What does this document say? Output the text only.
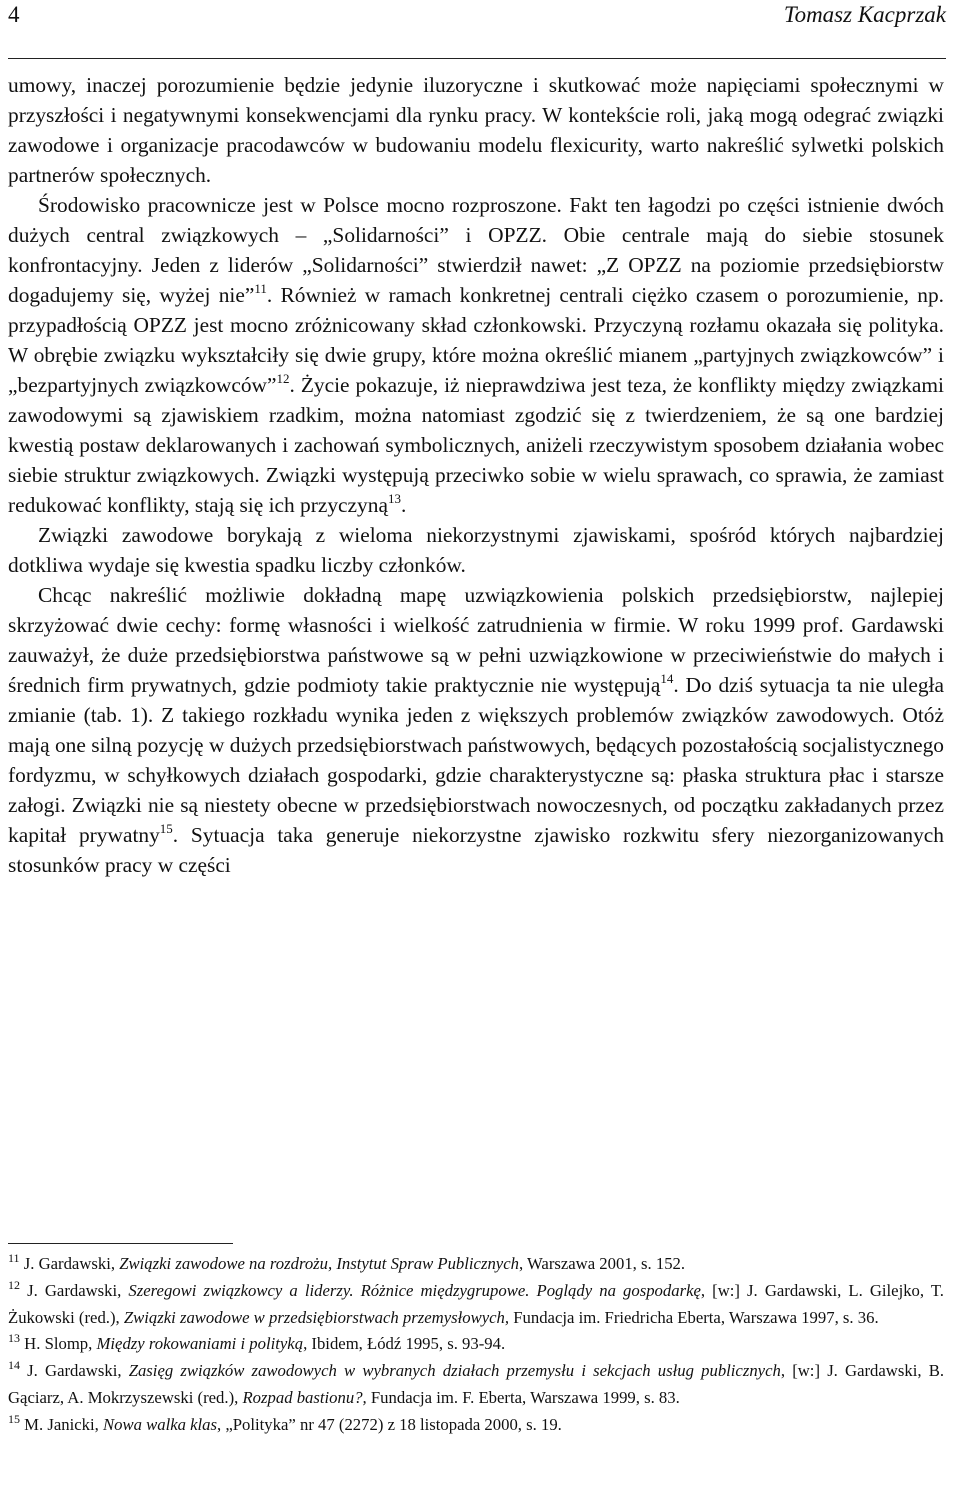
4	Tomasz Kacprzak

umowy, inaczej porozumienie będzie jedynie iluzoryczne i skutkować może napięciami społecznymi w przyszłości i negatywnymi konsekwencjami dla rynku pracy. W kontekście roli, jaką mogą odegrać związki zawodowe i organizacje pracodawców w budowaniu modelu flexicurity, warto nakreślić sylwetki polskich partnerów społecznych.

Środowisko pracownicze jest w Polsce mocno rozproszone. Fakt ten łagodzi po części istnienie dwóch dużych central związkowych – „Solidarności” i OPZZ. Obie centrale mają do siebie stosunek konfrontacyjny. Jeden z liderów „Solidarności” stwierdził nawet: „Z OPZZ na poziomie przedsiębiorstw dogadujemy się, wyżej nie”$^{11}$. Również w ramach konkretnej centrali ciężko czasem o porozumienie, np. przypadłością OPZZ jest mocno zróżnicowany skład członkowski. Przyczyną rozłamu okazała się polityka. W obrębie związku wykształciły się dwie grupy, które można określić mianem „partyjnych związkowców” i „bezpartyjnych związkowców”$^{12}$. Życie pokazuje, iż nieprawdziwa jest teza, że konflikty między związkami zawodowymi są zjawiskiem rzadkim, można natomiast zgodzić się z twierdzeniem, że są one bardziej kwestią postaw deklarowanych i zachowań symbolicznych, aniżeli rzeczywistym sposobem działania wobec siebie struktur związkowych. Związki występują przeciwko sobie w wielu sprawach, co sprawia, że zamiast redukować konflikty, stają się ich przyczyną$^{13}$.

Związki zawodowe borykają z wieloma niekorzystnymi zjawiskami, spośród których najbardziej dotkliwa wydaje się kwestia spadku liczby członków.

Chcąc nakreślić możliwie dokładną mapę uzwiązkowienia polskich przedsiębiorstw, najlepiej skrzyżować dwie cechy: formę własności i wielkość zatrudnienia w firmie. W roku 1999 prof. Gardawski zauważył, że duże przedsiębiorstwa państwowe są w pełni uzwiązkowione w przeciwieństwie do małych i średnich firm prywatnych, gdzie podmioty takie praktycznie nie występują$^{14}$. Do dziś sytuacja ta nie uległa zmianie (tab. 1). Z takiego rozkładu wynika jeden z większych problemów związków zawodowych. Otóż mają one silną pozycję w dużych przedsiębiorstwach państwowych, będących pozostałością socjalistycznego fordyzmu, w schyłkowych działach gospodarki, gdzie charakterystyczne są: płaska struktura płac i starsze załogi. Związki nie są niestety obecne w przedsiębiorstwach nowoczesnych, od początku zakładanych przez kapitał prywatny$^{15}$. Sytuacja taka generuje niekorzystne zjawisko rozkwitu sfery niezorganizowanych stosunków pracy w części

$^{11}$ J. Gardawski, Związki zawodowe na rozdrożu, Instytut Spraw Publicznych, Warszawa 2001, s. 152.

$^{12}$ J. Gardawski, Szeregowi związkowcy a liderzy. Różnice międzygrupowe. Poglądy na gospodarkę, [w:] J. Gardawski, L. Gilejko, T. Żukowski (red.), Związki zawodowe w przedsiębiorstwach przemysłowych, Fundacja im. Friedricha Eberta, Warszawa 1997, s. 36.

$^{13}$ H. Slomp, Między rokowaniami i polityką, Ibidem, Łódź 1995, s. 93-94.

$^{14}$ J. Gardawski, Zasięg związków zawodowych w wybranych działach przemysłu i sekcjach usług publicznych, [w:] J. Gardawski, B. Gąciarz, A. Mokrzyszewski (red.), Rozpad bastionu?, Fundacja im. F. Eberta, Warszawa 1999, s. 83.

$^{15}$ M. Janicki, Nowa walka klas, „Polityka” nr 47 (2272) z 18 listopada 2000, s. 19.
